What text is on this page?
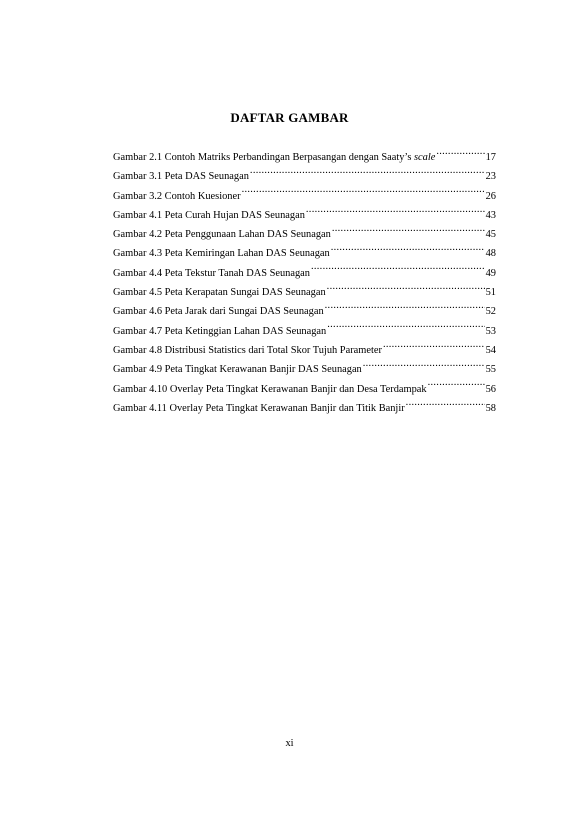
DAFTAR GAMBAR
Gambar 2.1 Contoh Matriks Perbandingan Berpasangan dengan Saaty’s scale .....	17
Gambar 3.1 Peta DAS Seunagan .....	23
Gambar 3.2 Contoh Kuesioner .....	26
Gambar 4.1 Peta Curah Hujan DAS Seunagan .....	43
Gambar 4.2 Peta Penggunaan Lahan DAS Seunagan .....	45
Gambar 4.3 Peta Kemiringan Lahan DAS Seunagan .....	48
Gambar 4.4 Peta Tekstur Tanah DAS Seunagan .....	49
Gambar 4.5 Peta Kerapatan Sungai DAS Seunagan .....	51
Gambar 4.6 Peta Jarak dari Sungai DAS Seunagan .....	52
Gambar 4.7 Peta Ketinggian Lahan DAS Seunagan .....	53
Gambar 4.8 Distribusi Statistics dari Total Skor Tujuh Parameter .....	54
Gambar 4.9 Peta Tingkat Kerawanan Banjir DAS Seunagan .....	55
Gambar 4.10 Overlay Peta Tingkat Kerawanan Banjir dan Desa Terdampak .....	56
Gambar 4.11 Overlay Peta Tingkat Kerawanan Banjir dan Titik Banjir .....	58
xi
